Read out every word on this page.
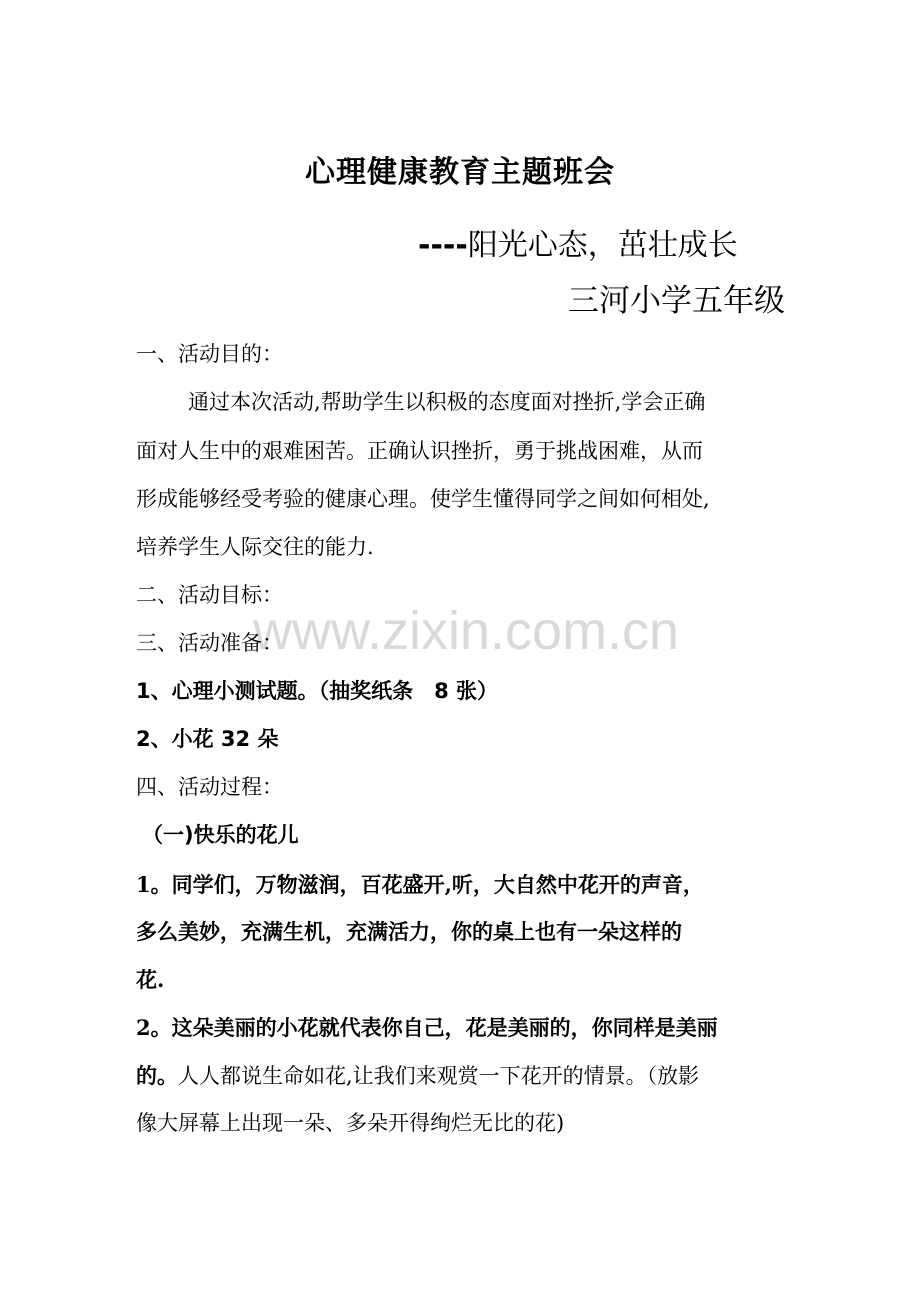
www.zixin.com.cn
心理健康教育主题班会
----阳光心态，茁壮成长
三河小学五年级
一、活动目的：
通过本次活动,帮助学生以积极的态度面对挫折,学会正确
面对人生中的艰难困苦。正确认识挫折，勇于挑战困难，从而
形成能够经受考验的健康心理。使学生懂得同学之间如何相处,
培养学生人际交往的能力.
二、活动目标：
三、活动准备：
1、心理小测试题。（抽奖纸条　8 张）
2、小花 32 朵
四、活动过程：
（一)快乐的花儿
1。同学们，万物滋润，百花盛开,听，大自然中花开的声音，
多么美妙，充满生机，充满活力，你的桌上也有一朵这样的
花.
2。这朵美丽的小花就代表你自己，花是美丽的，你同样是美丽
的。人人都说生命如花,让我们来观赏一下花开的情景。（放影
像大屏幕上出现一朵、多朵开得绚烂无比的花)
